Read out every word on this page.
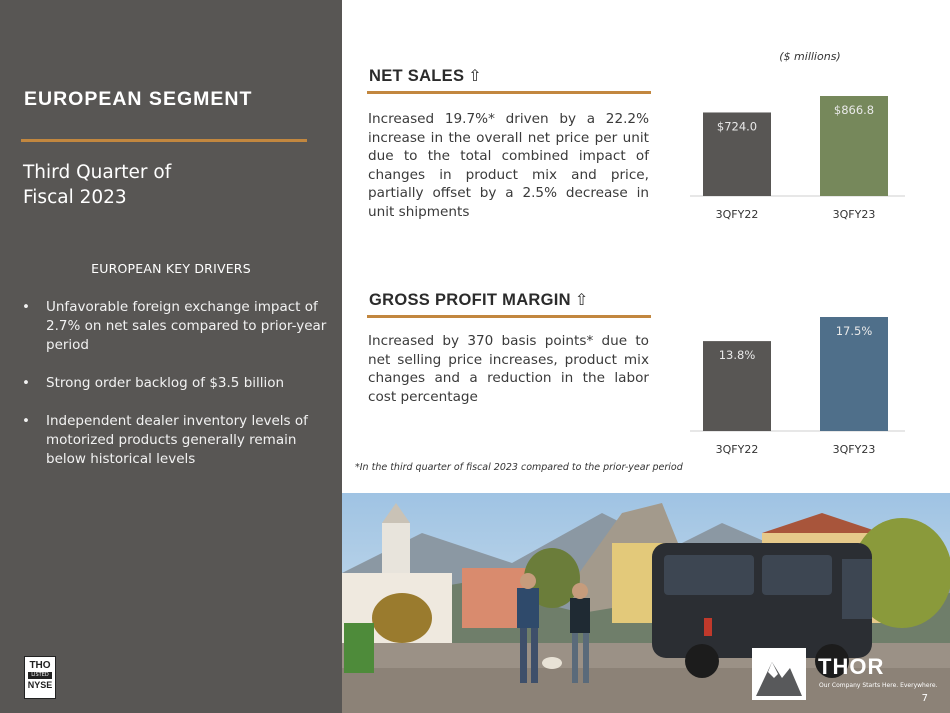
EUROPEAN SEGMENT
Third Quarter of
Fiscal 2023
EUROPEAN KEY DRIVERS
• Unfavorable foreign exchange impact of 2.7% on net sales compared to prior-year period
• Strong order backlog of $3.5 billion
• Independent dealer inventory levels of motorized products generally remain below historical levels
THO
LISTED
NYSE
($ millions)
NET SALES ⇧
Increased 19.7%* driven by a 22.2% increase in the overall net price per unit due to the total combined impact of changes in product mix and price, partially offset by a 2.5% decrease in unit shipments
GROSS PROFIT MARGIN ⇧
Increased by 370 basis points* due to net selling price increases, product mix changes and a reduction in the labor cost percentage
$724.0
3QFY22
$866.8
3QFY23
13.8%
3QFY22
17.5%
3QFY23
*In the third quarter of fiscal 2023 compared to the prior-year period
THOR
Our Company Starts Here. Everywhere.
7
